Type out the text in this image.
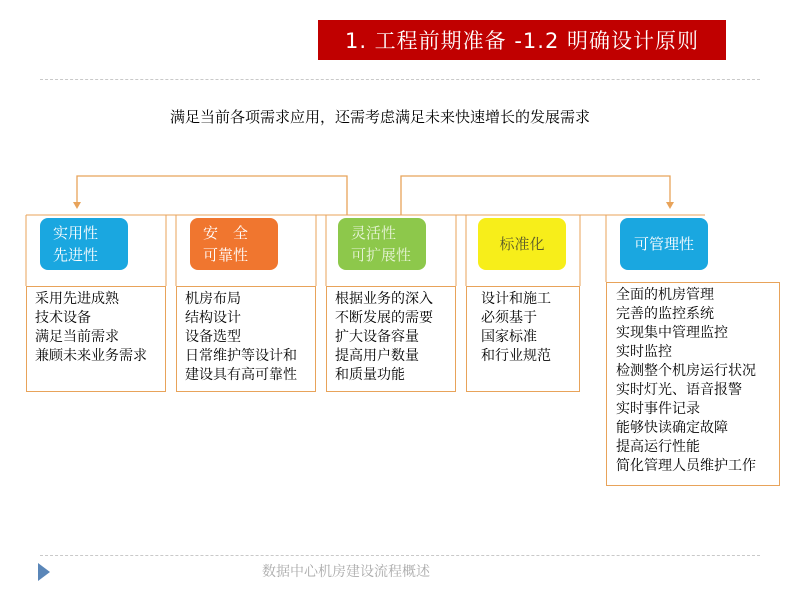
1. 工程前期准备 -1.2 明确设计原则
满足当前各项需求应用，还需考虑满足未来快速增长的发展需求
实用性
先进性
采用先进成熟
技术设备
满足当前需求
兼顾未来业务需求
安　全
可靠性
机房布局
结构设计
设备选型
日常维护等设计和
建设具有高可靠性
灵活性
可扩展性
根据业务的深入
不断发展的需要
扩大设备容量
提高用户数量
和质量功能
标准化
设计和施工
必须基于
国家标准
和行业规范
可管理性
全面的机房管理
完善的监控系统
实现集中管理监控
实时监控
检测整个机房运行状况
实时灯光、语音报警
实时事件记录
能够快读确定故障
提高运行性能
简化管理人员维护工作
数据中心机房建设流程概述
